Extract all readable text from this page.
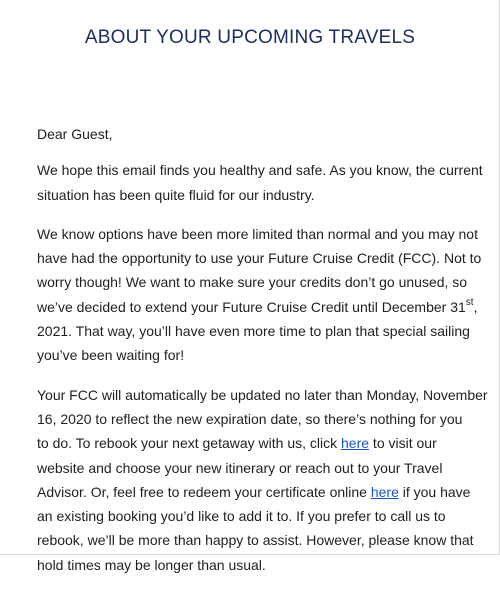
ABOUT YOUR UPCOMING TRAVELS

Dear Guest,

We hope this email finds you healthy and safe. As you know, the current
situation has been quite fluid for our industry.

We know options have been more limited than normal and you may not
have had the opportunity to use your Future Cruise Credit (FCC). Not to
worry though! We want to make sure your credits don’t go unused, so
we’ve decided to extend your Future Cruise Credit until December 31st,
2021. That way, you’ll have even more time to plan that special sailing
you’ve been waiting for!

Your FCC will automatically be updated no later than Monday, November
16, 2020 to reflect the new expiration date, so there’s nothing for you
to do. To rebook your next getaway with us, click here to visit our
website and choose your new itinerary or reach out to your Travel
Advisor. Or, feel free to redeem your certificate online here if you have
an existing booking you’d like to add it to. If you prefer to call us to
rebook, we’ll be more than happy to assist. However, please know that
hold times may be longer than usual.
